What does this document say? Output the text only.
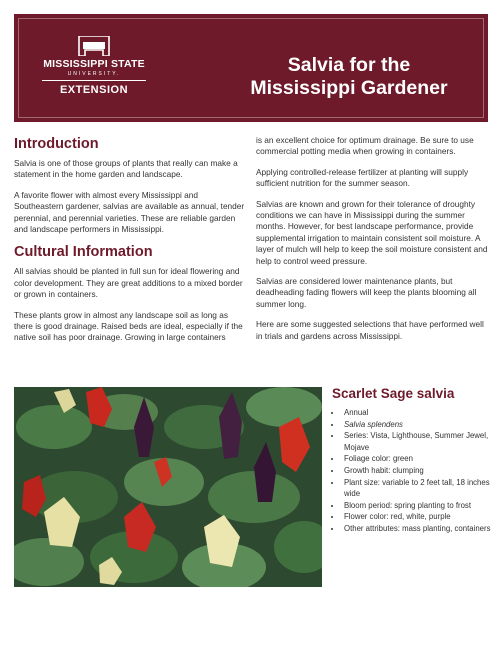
MISSISSIPPI STATE
UNIVERSITY.
EXTENSION
Salvia for the
Mississippi Gardener
Introduction

Salvia is one of those groups of plants that really can make a statement in the home garden and landscape.

A favorite flower with almost every Mississippi and Southeastern gardener, salvias are available as annual, tender perennial, and perennial varieties. These are reliable garden and landscape performers in Mississippi.

Cultural Information

All salvias should be planted in full sun for ideal flowering and color development. They are great additions to a mixed border or grown in containers.

These plants grow in almost any landscape soil as long as there is good drainage. Raised beds are ideal, especially if the native soil has poor drainage. Growing in large containers

is an excellent choice for optimum drainage. Be sure to use commercial potting media when growing in containers.

Applying controlled-release fertilizer at planting will supply sufficient nutrition for the summer season.

Salvias are known and grown for their tolerance of droughty conditions we can have in Mississippi during the summer months. However, for best landscape performance, provide supplemental irrigation to maintain consistent soil moisture. A layer of mulch will help to keep the soil moisture consistent and help to control weed pressure.

Salvias are considered lower maintenance plants, but deadheading fading flowers will keep the plants blooming all summer long.

Here are some suggested selections that have performed well in trials and gardens across Mississippi.

Scarlet Sage salvia
• Annual
• Salvia splendens
• Series: Vista, Lighthouse, Summer Jewel, Mojave
• Foliage color: green
• Growth habit: clumping
• Plant size: variable to 2 feet tall, 18 inches wide
• Bloom period: spring planting to frost
• Flower color: red, white, purple
• Other attributes: mass planting, containers
